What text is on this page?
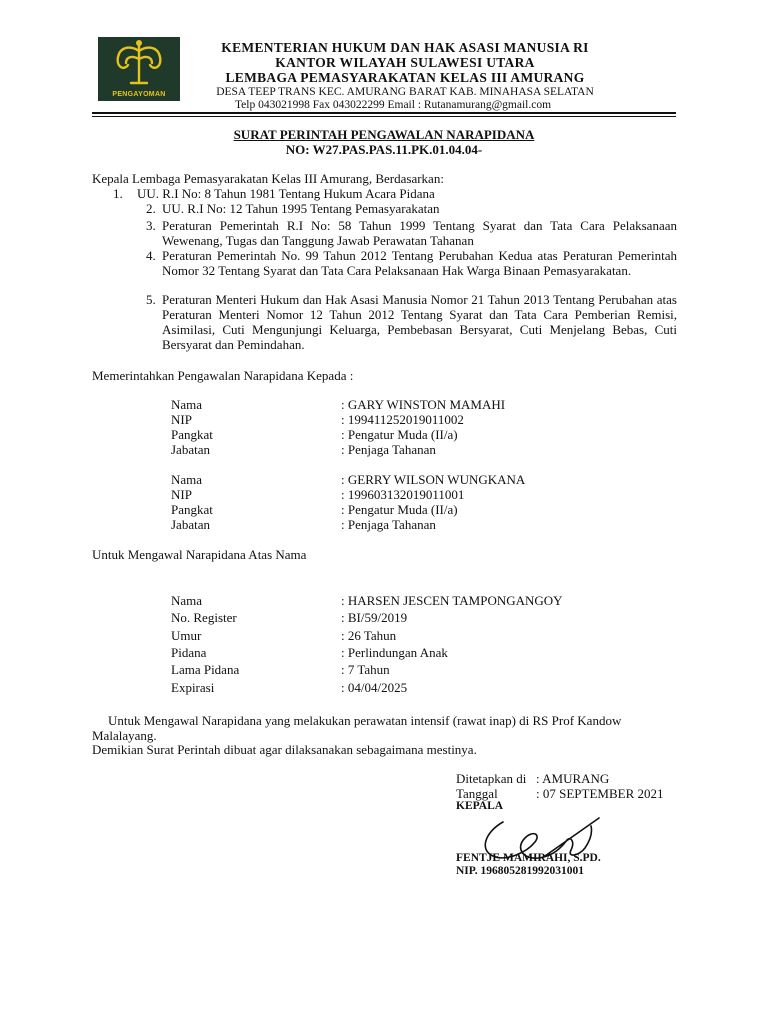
PENGAYOMAN
KEMENTERIAN HUKUM DAN HAK ASASI MANUSIA RI
KANTOR WILAYAH SULAWESI UTARA
LEMBAGA PEMASYARAKATAN KELAS III AMURANG
DESA TEEP TRANS KEC. AMURANG BARAT KAB. MINAHASA SELATAN
Telp 043021998 Fax 043022299 Email : Rutanamurang@gmail.com
SURAT PERINTAH PENGAWALAN NARAPIDANA
NO: W27.PAS.PAS.11.PK.01.04.04-
Kepala Lembaga Pemasyarakatan Kelas III Amurang, Berdasarkan:
1. UU. R.I No: 8 Tahun 1981 Tentang Hukum Acara Pidana
2. UU. R.I No: 12 Tahun 1995 Tentang Pemasyarakatan
3. Peraturan Pemerintah R.I No: 58 Tahun 1999 Tentang Syarat dan Tata Cara Pelaksanaan Wewenang, Tugas dan Tanggung Jawab Perawatan Tahanan
4. Peraturan Pemerintah No. 99 Tahun 2012 Tentang Perubahan Kedua atas Peraturan Pemerintah Nomor 32 Tentang Syarat dan Tata Cara Pelaksanaan Hak Warga Binaan Pemasyarakatan.
5. Peraturan Menteri Hukum dan Hak Asasi Manusia Nomor 21 Tahun 2013 Tentang Perubahan atas Peraturan Menteri Nomor 12 Tahun 2012 Tentang Syarat dan Tata Cara Pemberian Remisi, Asimilasi, Cuti Mengunjungi Keluarga, Pembebasan Bersyarat, Cuti Menjelang Bebas, Cuti Bersyarat dan Pemindahan.
Memerintahkan Pengawalan Narapidana Kepada :
Nama	: GARY WINSTON MAMAHI
NIP	: 199411252019011002
Pangkat	: Pengatur Muda (II/a)
Jabatan	: Penjaga Tahanan
Nama	: GERRY WILSON WUNGKANA
NIP	: 199603132019011001
Pangkat	: Pengatur Muda (II/a)
Jabatan	: Penjaga Tahanan
Untuk Mengawal Narapidana Atas Nama
Nama	: HARSEN JESCEN TAMPONGANGOY
No. Register	: BI/59/2019
Umur	: 26 Tahun
Pidana	: Perlindungan Anak
Lama Pidana	: 7 Tahun
Expirasi	: 04/04/2025
Untuk Mengawal Narapidana yang melakukan perawatan intensif (rawat inap) di RS Prof Kandow Malalayang.
Demikian Surat Perintah dibuat agar dilaksanakan sebagaimana mestinya.
Ditetapkan di : AMURANG
Tanggal	: 07 SEPTEMBER 2021
KEPALA
FENTJE MAMIRAHI, S.PD.
NIP. 196805281992031001
